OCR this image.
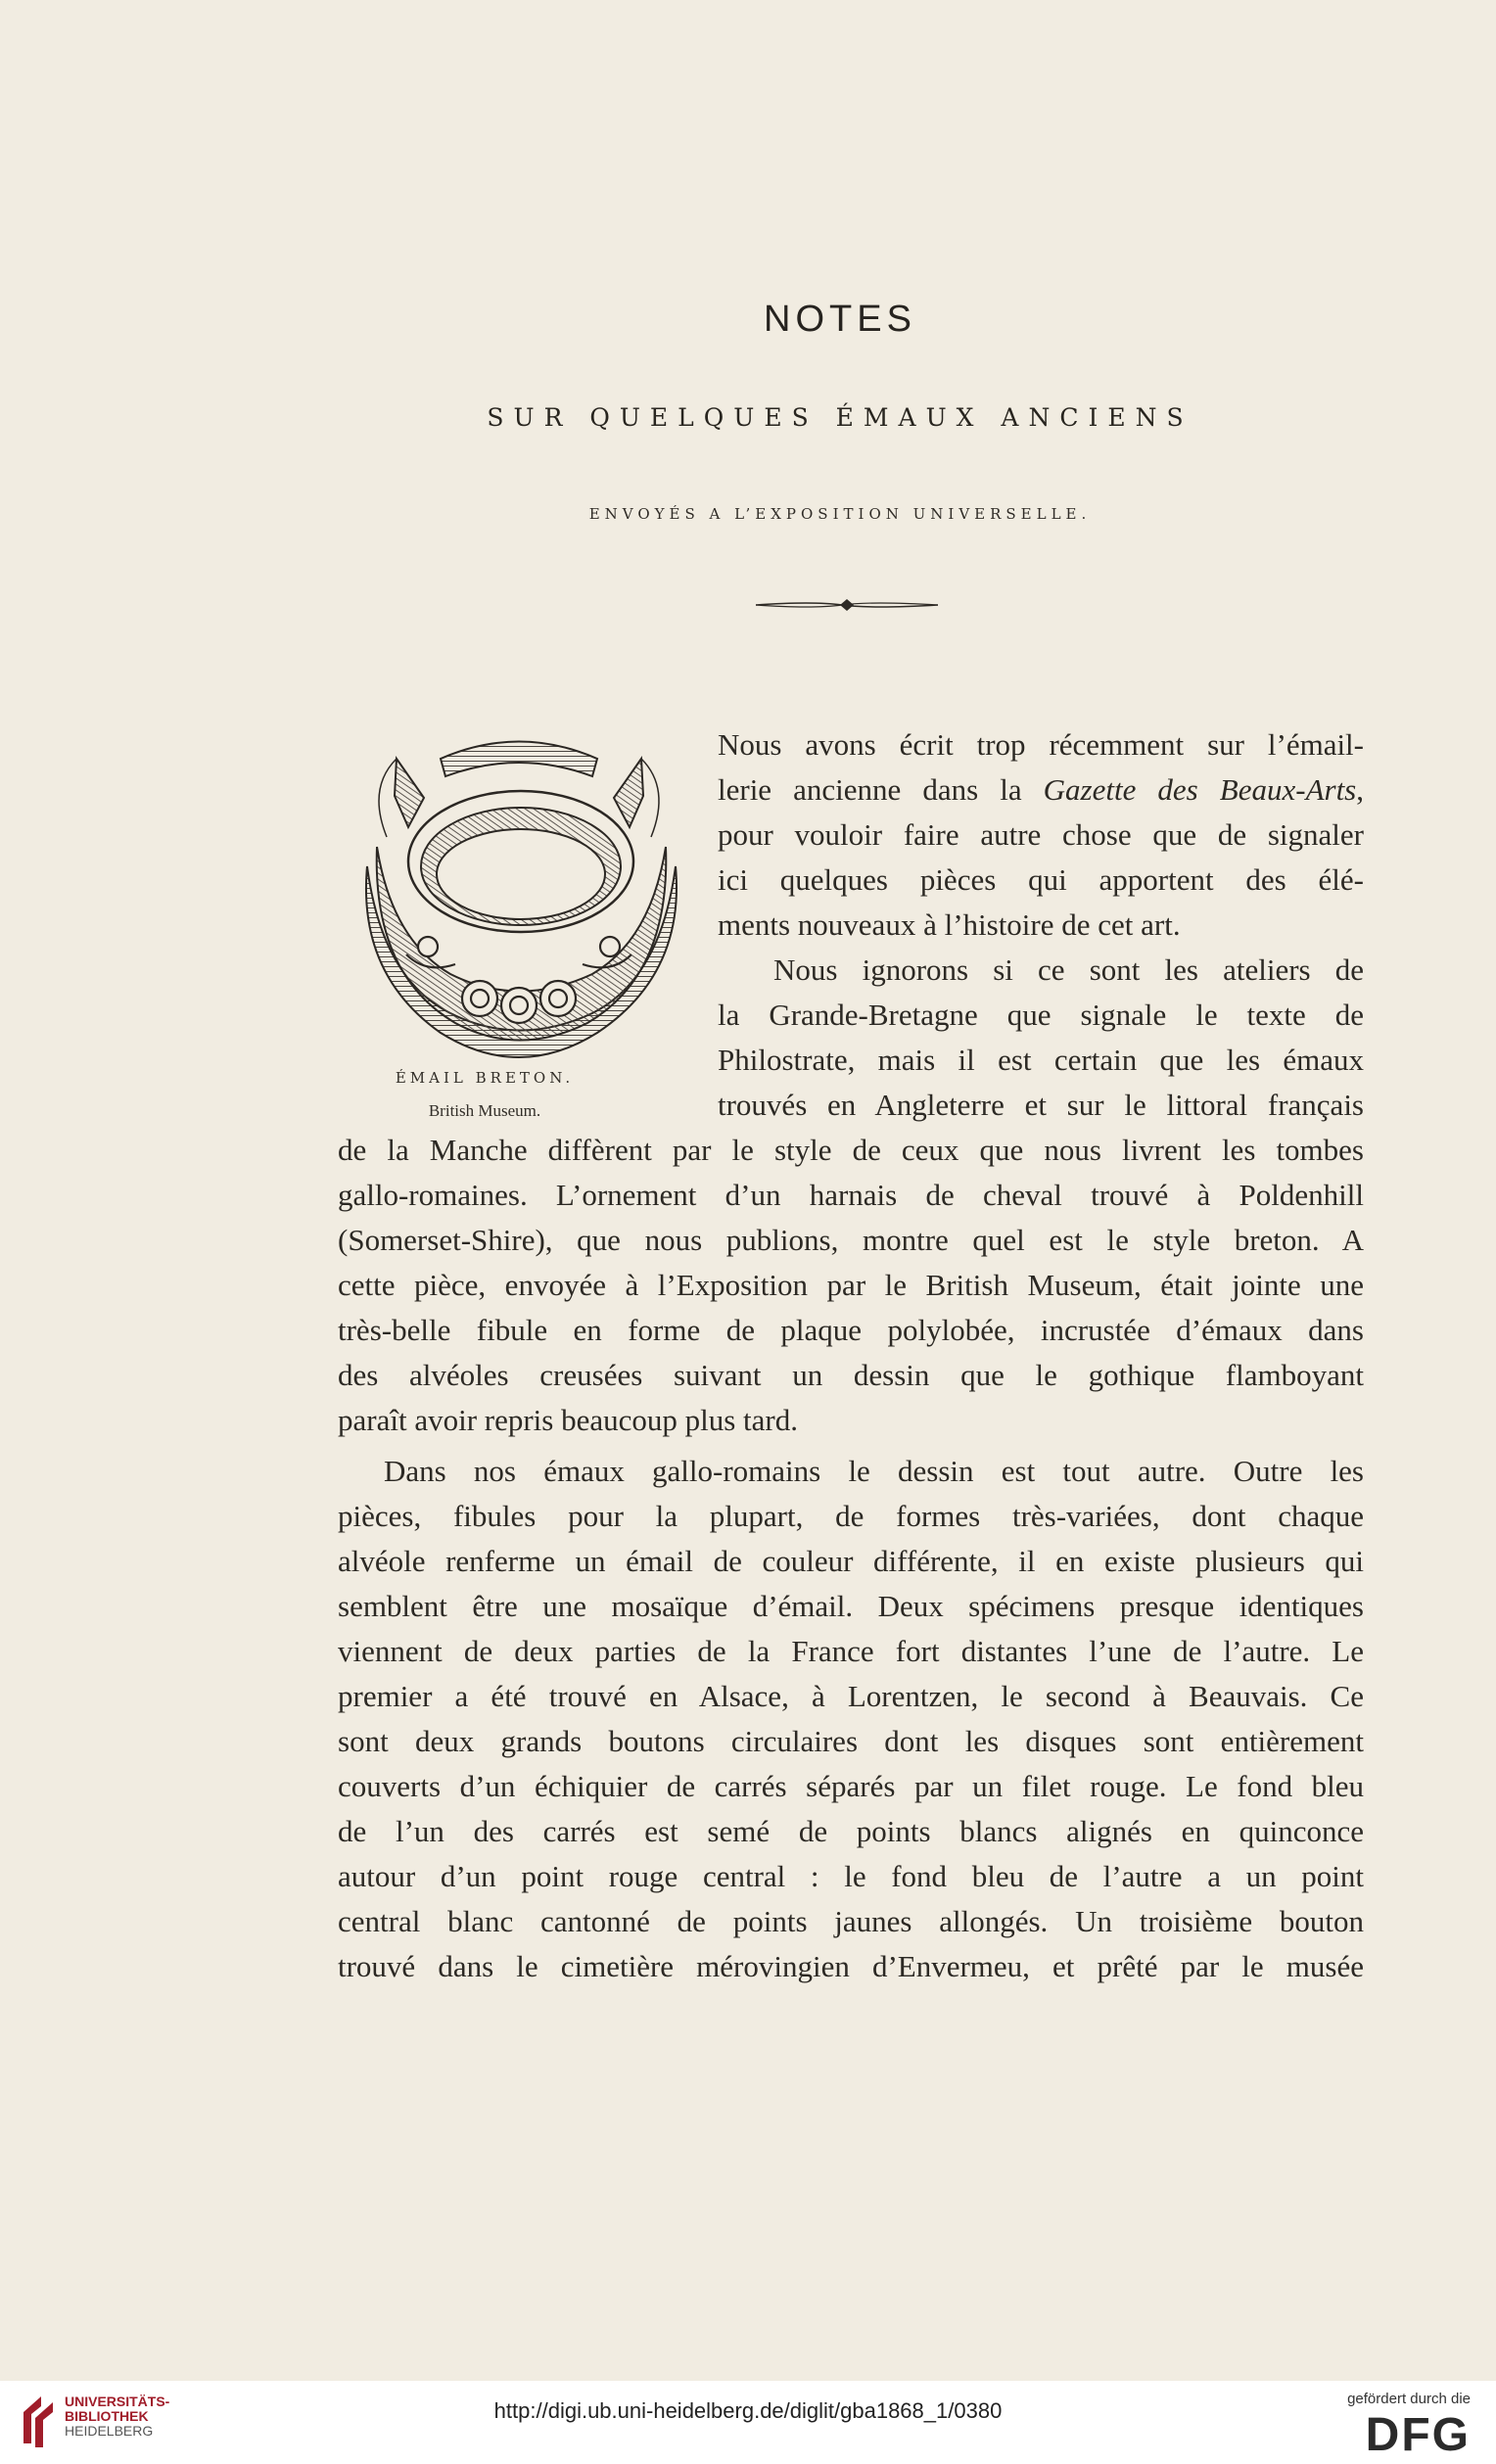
NOTES
SUR QUELQUES ÉMAUX ANCIENS
ENVOYÉS A L’EXPOSITION UNIVERSELLE.
ÉMAIL BRETON.
British Museum.

Nous avons écrit trop récemment sur l’émail-

lerie ancienne dans la Gazette des Beaux-Arts,

pour vouloir faire autre chose que de signaler

ici quelques pièces qui apportent des élé-

ments nouveaux à l’histoire de cet art.

Nous ignorons si ce sont les ateliers de

la Grande-Bretagne que signale le texte de

Philostrate, mais il est certain que les émaux

trouvés en Angleterre et sur le littoral français

de la Manche diffèrent par le style de ceux que nous livrent les tombes

gallo-romaines. L’ornement d’un harnais de cheval trouvé à Poldenhill

(Somerset-Shire), que nous publions, montre quel est le style breton. A

cette pièce, envoyée à l’Exposition par le British Museum, était jointe une

très-belle fibule en forme de plaque polylobée, incrustée d’émaux dans

des alvéoles creusées suivant un dessin que le gothique flamboyant

paraît avoir repris beaucoup plus tard.

Dans nos émaux gallo-romains le dessin est tout autre. Outre les

pièces, fibules pour la plupart, de formes très-variées, dont chaque

alvéole renferme un émail de couleur différente, il en existe plusieurs qui

semblent être une mosaïque d’émail. Deux spécimens presque identiques

viennent de deux parties de la France fort distantes l’une de l’autre. Le

premier a été trouvé en Alsace, à Lorentzen, le second à Beauvais. Ce

sont deux grands boutons circulaires dont les disques sont entièrement

couverts d’un échiquier de carrés séparés par un filet rouge. Le fond bleu

de l’un des carrés est semé de points blancs alignés en quinconce

autour d’un point rouge central : le fond bleu de l’autre a un point

central blanc cantonné de points jaunes allongés. Un troisième bouton

trouvé dans le cimetière mérovingien d’Envermeu, et prêté par le musée

UNIVERSITÄTS-
BIBLIOTHEK
HEIDELBERG
http://digi.ub.uni-heidelberg.de/diglit/gba1868_1/0380	gefördert durch die
DFG
